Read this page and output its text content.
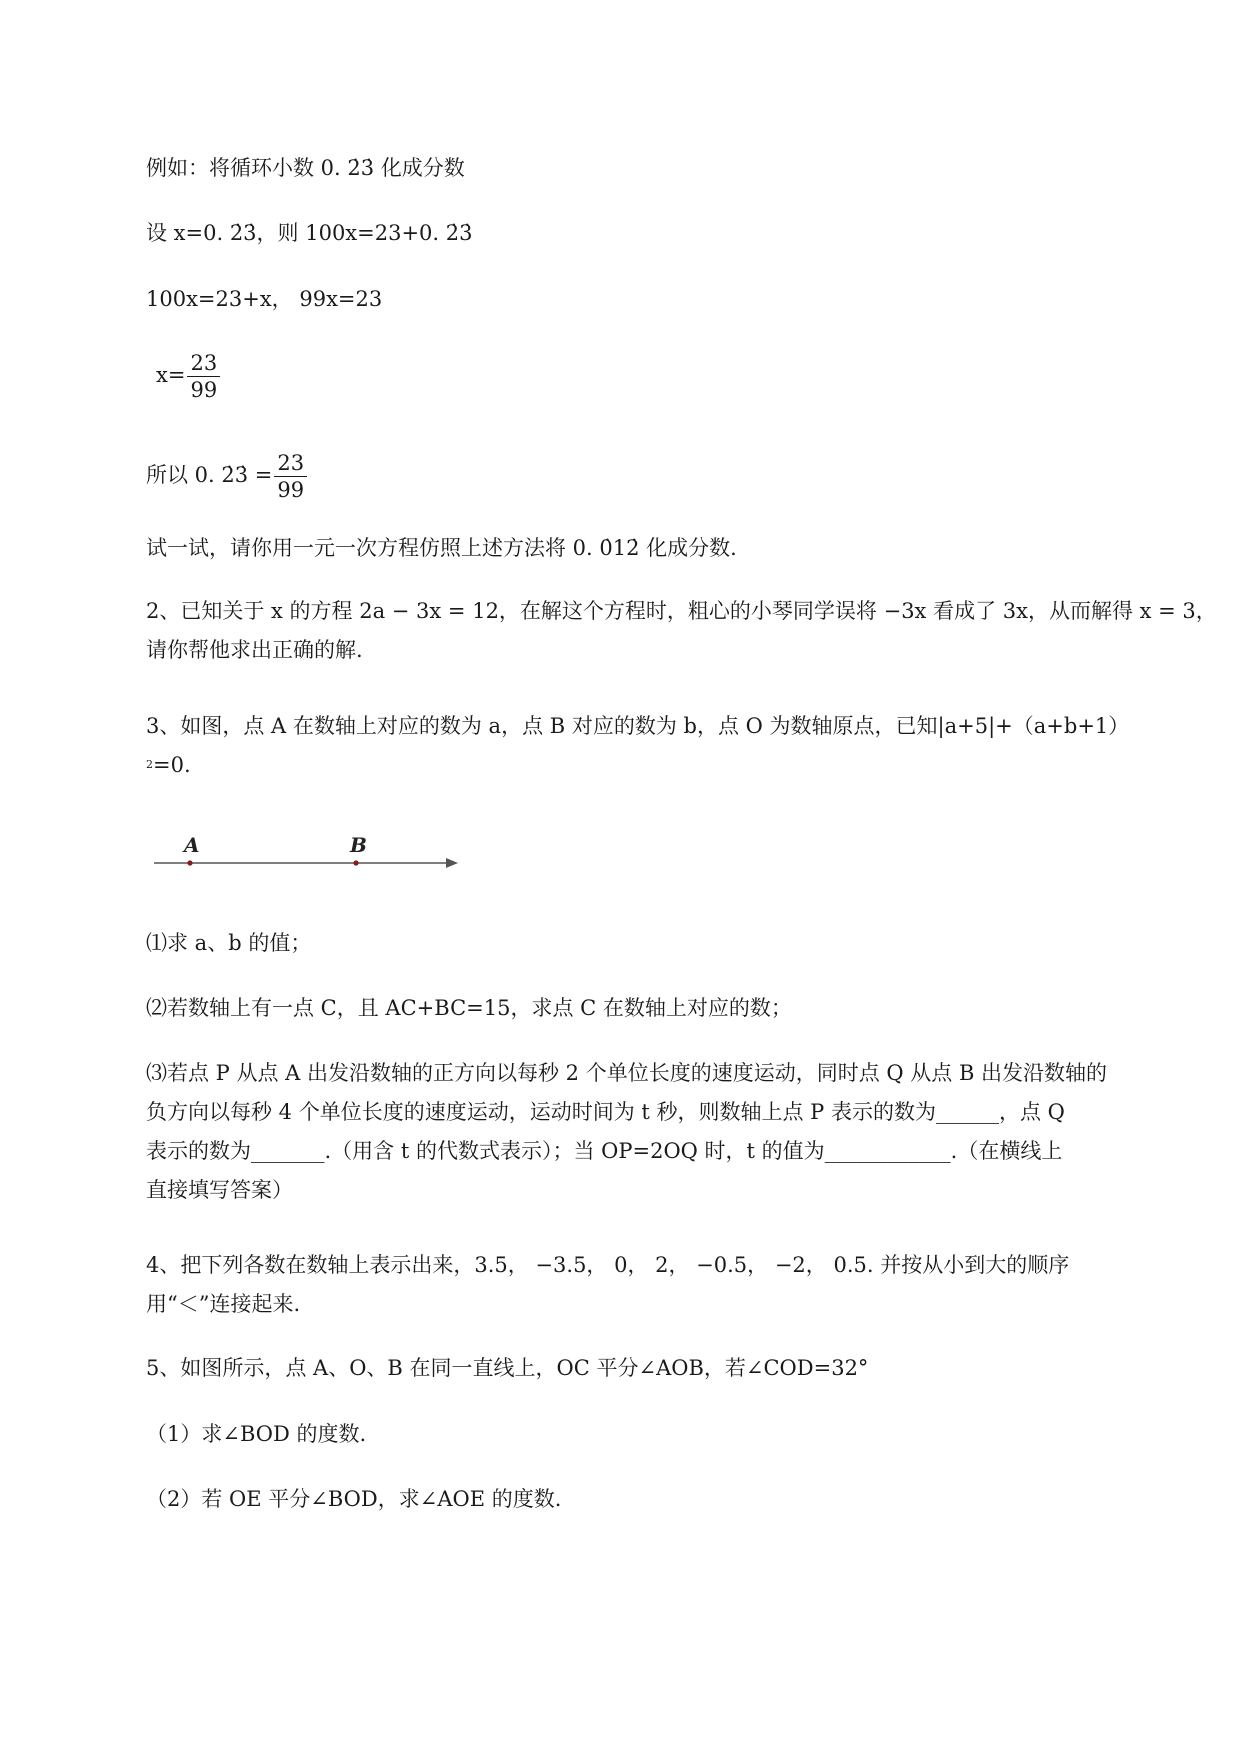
例如：将循环小数 0. 2̇3̇ 化成分数
设 x=0. 2̇3̇，则 100x=23+0. 2̇3̇
100x=23+x， 99x=23
$x= \frac{23}{99}$
所以 0. 2̇3̇ = $\frac{23}{99}$
试一试，请你用一元一次方程仿照上述方法将 0. 0̇12̇ 化成分数.
2、已知关于 x 的方程 2a − 3x = 12，在解这个方程时，粗心的小琴同学误将 −3x 看成了 3x，从而解得 x = 3，
请你帮他求出正确的解.
3、如图，点 A 在数轴上对应的数为 a，点 B 对应的数为 b，点 O 为数轴原点，已知|a+5|+（a+b+1）
$^2$=0.
A	B
⑴求 a、b 的值；
⑵若数轴上有一点 C，且 AC+BC=15，求点 C 在数轴上对应的数；
⑶若点 P 从点 A 出发沿数轴的正方向以每秒 2 个单位长度的速度运动，同时点 Q 从点 B 出发沿数轴的
负方向以每秒 4 个单位长度的速度运动，运动时间为 t 秒，则数轴上点 P 表示的数为______，点 Q
表示的数为_______.（用含 t 的代数式表示）；当 OP=2OQ 时，t 的值为____________.（在横线上
直接填写答案）
4、把下列各数在数轴上表示出来，3.5， −3.5， 0， 2， −0.5， −2， 0.5. 并按从小到大的顺序
用“＜”连接起来.
5、如图所示，点 A、O、B 在同一直线上，OC 平分∠AOB，若∠COD=32°
（1）求∠BOD 的度数.
（2）若 OE 平分∠BOD，求∠AOE 的度数.
